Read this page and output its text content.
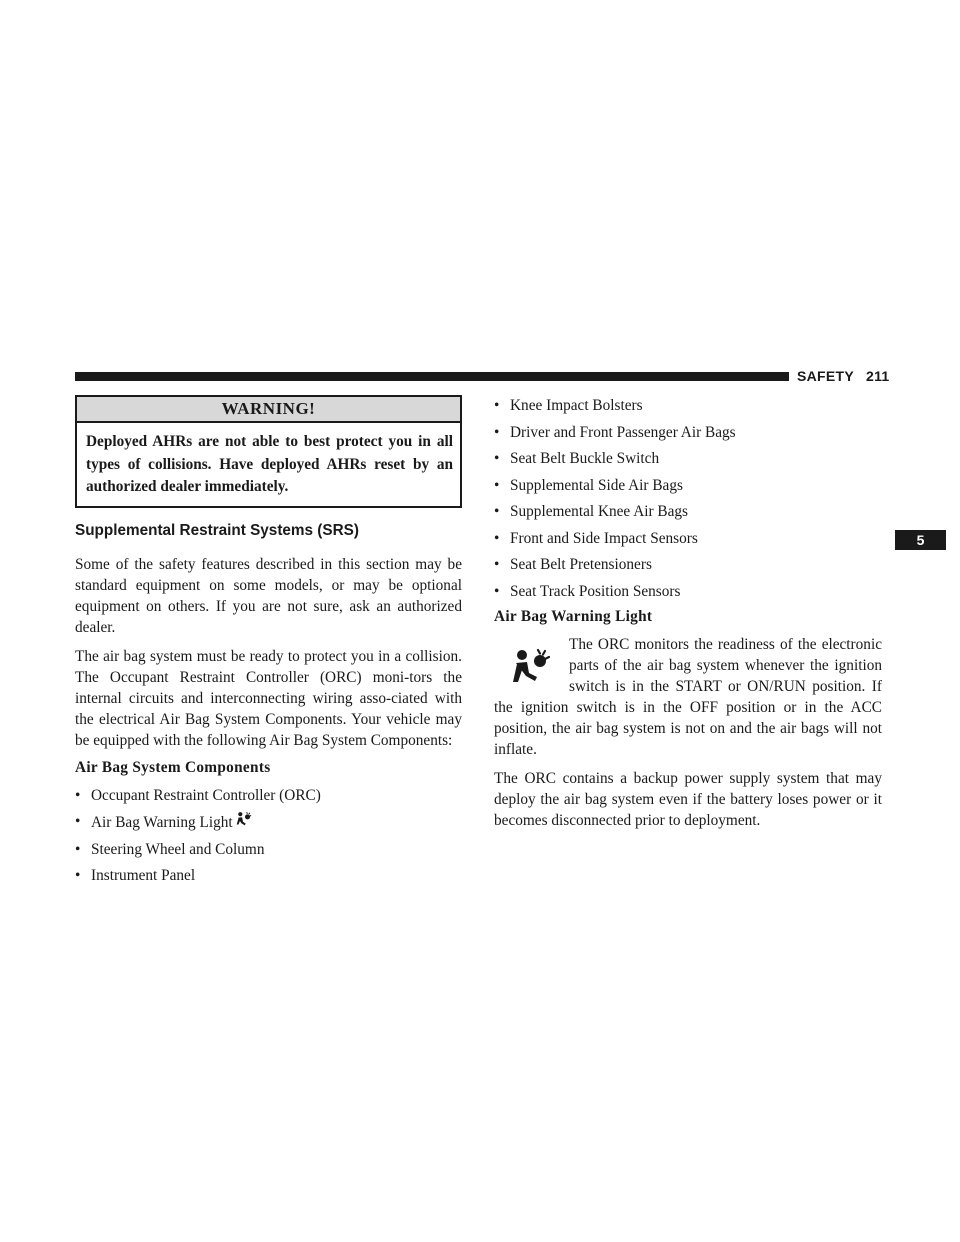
SAFETY 211
5
WARNING!
Deployed AHRs are not able to best protect you in all types of collisions. Have deployed AHRs reset by an authorized dealer immediately.
Supplemental Restraint Systems (SRS)

Some of the safety features described in this section may be standard equipment on some models, or may be optional equipment on others. If you are not sure, ask an authorized dealer.

The air bag system must be ready to protect you in a collision. The Occupant Restraint Controller (ORC) moni-tors the internal circuits and interconnecting wiring asso-ciated with the electrical Air Bag System Components. Your vehicle may be equipped with the following Air Bag System Components:

Air Bag System Components
• Occupant Restraint Controller (ORC)
• Air Bag Warning Light
• Steering Wheel and Column
• Instrument Panel
• Knee Impact Bolsters
• Driver and Front Passenger Air Bags
• Seat Belt Buckle Switch
• Supplemental Side Air Bags
• Supplemental Knee Air Bags
• Front and Side Impact Sensors
• Seat Belt Pretensioners
• Seat Track Position Sensors
Air Bag Warning Light

The ORC monitors the readiness of the electronic parts of the air bag system whenever the ignition switch is in the START or ON/RUN position. If the ignition switch is in the OFF position or in the ACC position, the air bag system is not on and the air bags will not inflate.

The ORC contains a backup power supply system that may deploy the air bag system even if the battery loses power or it becomes disconnected prior to deployment.
